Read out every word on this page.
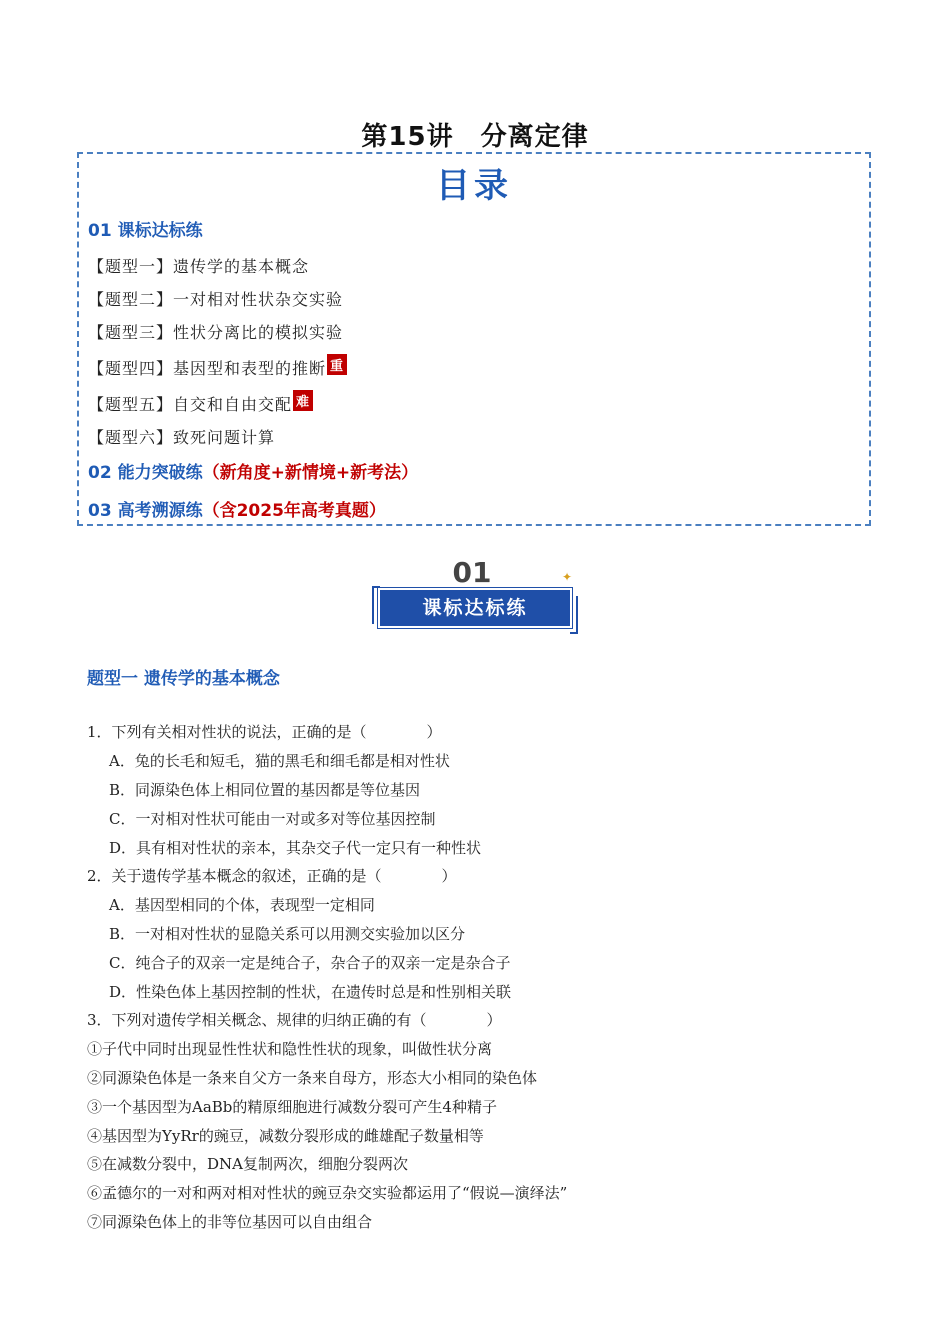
第15讲　分离定律
目录
01 课标达标练
【题型一】遗传学的基本概念
【题型二】一对相对性状杂交实验
【题型三】性状分离比的模拟实验
【题型四】基因型和表型的推断 重
【题型五】自交和自由交配 难
【题型六】致死问题计算
02 能力突破练（新角度+新情境+新考法）
03 高考溯源练（含2025年高考真题）
01	✦
课标达标练
题型一 遗传学的基本概念
1．下列有关相对性状的说法，正确的是（　　　　）
A．兔的长毛和短毛，猫的黑毛和细毛都是相对性状
B．同源染色体上相同位置的基因都是等位基因
C．一对相对性状可能由一对或多对等位基因控制
D．具有相对性状的亲本，其杂交子代一定只有一种性状
2．关于遗传学基本概念的叙述，正确的是（　　　　）
A．基因型相同的个体，表现型一定相同
B．一对相对性状的显隐关系可以用测交实验加以区分
C．纯合子的双亲一定是纯合子，杂合子的双亲一定是杂合子
D．性染色体上基因控制的性状，在遗传时总是和性别相关联
3．下列对遗传学相关概念、规律的归纳正确的有（　　　　）
①子代中同时出现显性性状和隐性性状的现象，叫做性状分离
②同源染色体是一条来自父方一条来自母方，形态大小相同的染色体
③一个基因型为AaBb的精原细胞进行减数分裂可产生4种精子
④基因型为YyRr的豌豆，减数分裂形成的雌雄配子数量相等
⑤在减数分裂中，DNA复制两次，细胞分裂两次
⑥孟德尔的一对和两对相对性状的豌豆杂交实验都运用了“假说—演绎法”
⑦同源染色体上的非等位基因可以自由组合
